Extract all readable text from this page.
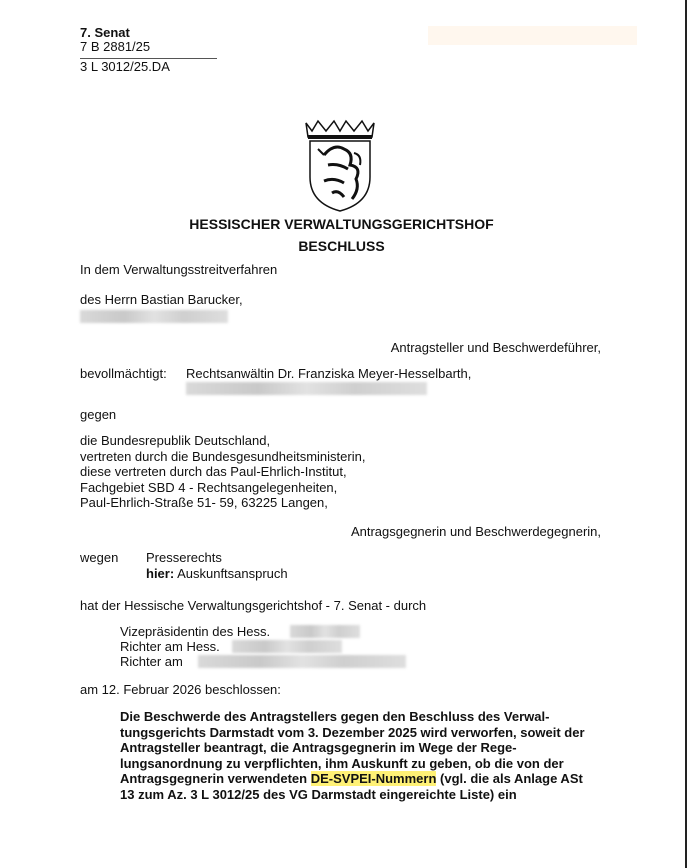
7. Senat
7 B 2881/25
3 L 3012/25.DA
HESSISCHER VERWALTUNGSGERICHTSHOF
BESCHLUSS
In dem Verwaltungsstreitverfahren
des Herrn Bastian Barucker,
Antragsteller und Beschwerdeführer,
bevollmächtigt: Rechtsanwältin Dr. Franziska Meyer-Hesselbarth,
gegen
die Bundesrepublik Deutschland,
vertreten durch die Bundesgesundheitsministerin,
diese vertreten durch das Paul-Ehrlich-Institut,
Fachgebiet SBD 4 - Rechtsangelegenheiten,
Paul-Ehrlich-Straße 51- 59, 63225 Langen,
Antragsgegnerin und Beschwerdegegnerin,
wegen Presserechts
hier: Auskunftsanspruch
hat der Hessische Verwaltungsgerichtshof - 7. Senat - durch
Vizepräsidentin des Hess.
Richter am Hess.
Richter am
am 12. Februar 2026 beschlossen:
Die Beschwerde des Antragstellers gegen den Beschluss des Verwaltungsgerichts Darmstadt vom 3. Dezember 2025 wird verworfen, soweit der Antragsteller beantragt, die Antragsgegnerin im Wege der Regelungsanordnung zu verpflichten, ihm Auskunft zu geben, ob die von der Antragsgegnerin verwendeten DE-SVPEI-Nummern (vgl. die als Anlage ASt 13 zum Az. 3 L 3012/25 des VG Darmstadt eingereichte Liste) ein
